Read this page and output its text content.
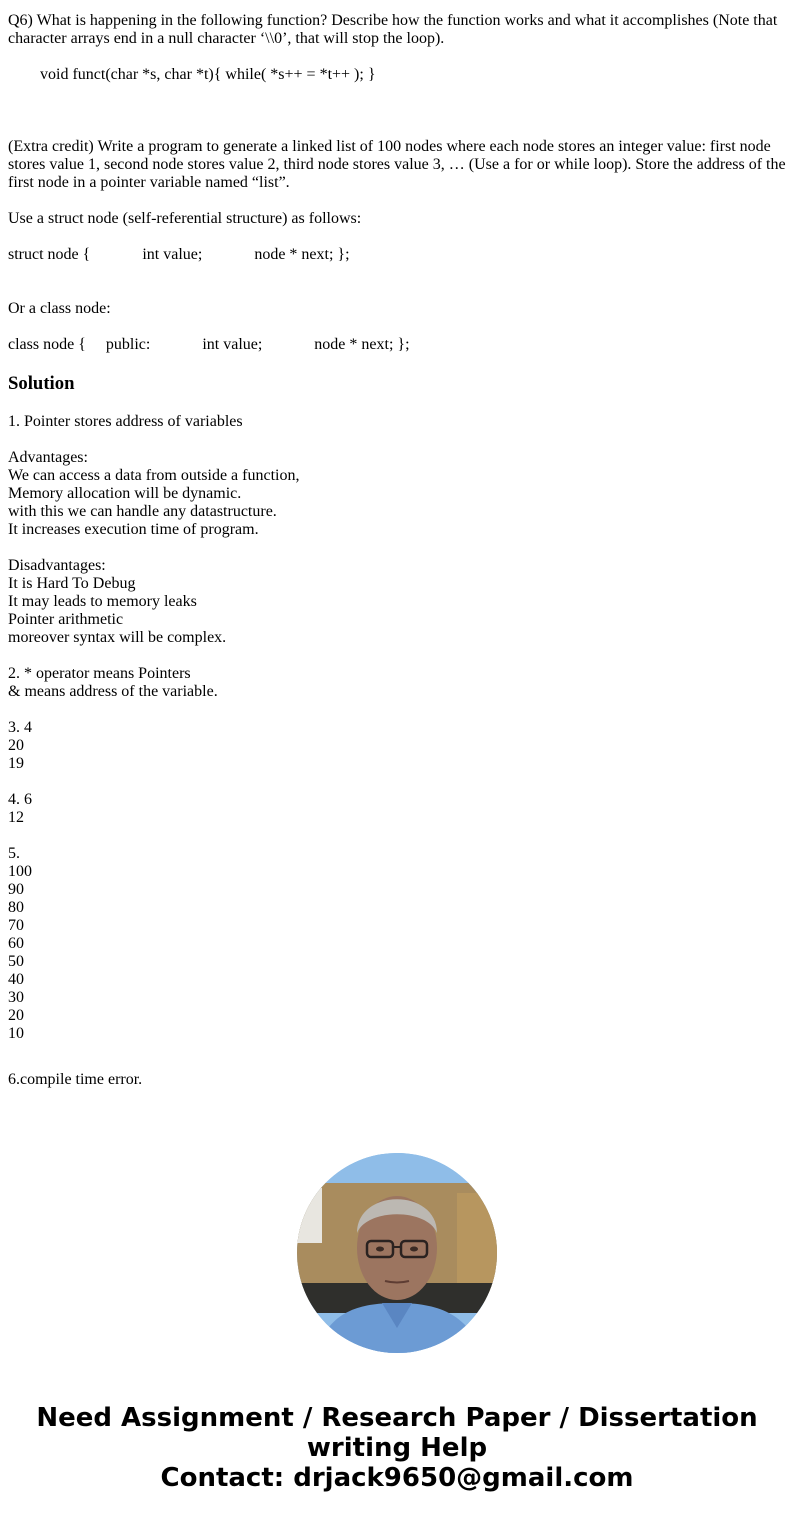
Q6) What is happening in the following function? Describe how the function works and what it accomplishes (Note that character arrays end in a null character ‘\\0’, that will stop the loop).

void funct(char *s, char *t){ while( *s++ = *t++ ); }

(Extra credit) Write a program to generate a linked list of 100 nodes where each node stores an integer value: first node stores value 1, second node stores value 2, third node stores value 3, … (Use a for or while loop). Store the address of the first node in a pointer variable named “list”.

Use a struct node (self-referential structure) as follows:

struct node {             int value;             node * next; };

Or a class node:

class node {     public:             int value;             node * next; };

Solution
1. Pointer stores address of variables
Advantages:
We can access a data from outside a function,
Memory allocation will be dynamic.
with this we can handle any datastructure.
It increases execution time of program.
Disadvantages:
It is Hard To Debug
It may leads to memory leaks
Pointer arithmetic
moreover syntax will be complex.
2. * operator means Pointers
& means address of the variable.
3. 4
20
19
4. 6
12
5.
100
90
80
70
60
50
40
30
20
10

6.compile time error.

Need Assignment / Research Paper / Dissertation
writing Help
Contact: drjack9650@gmail.com
